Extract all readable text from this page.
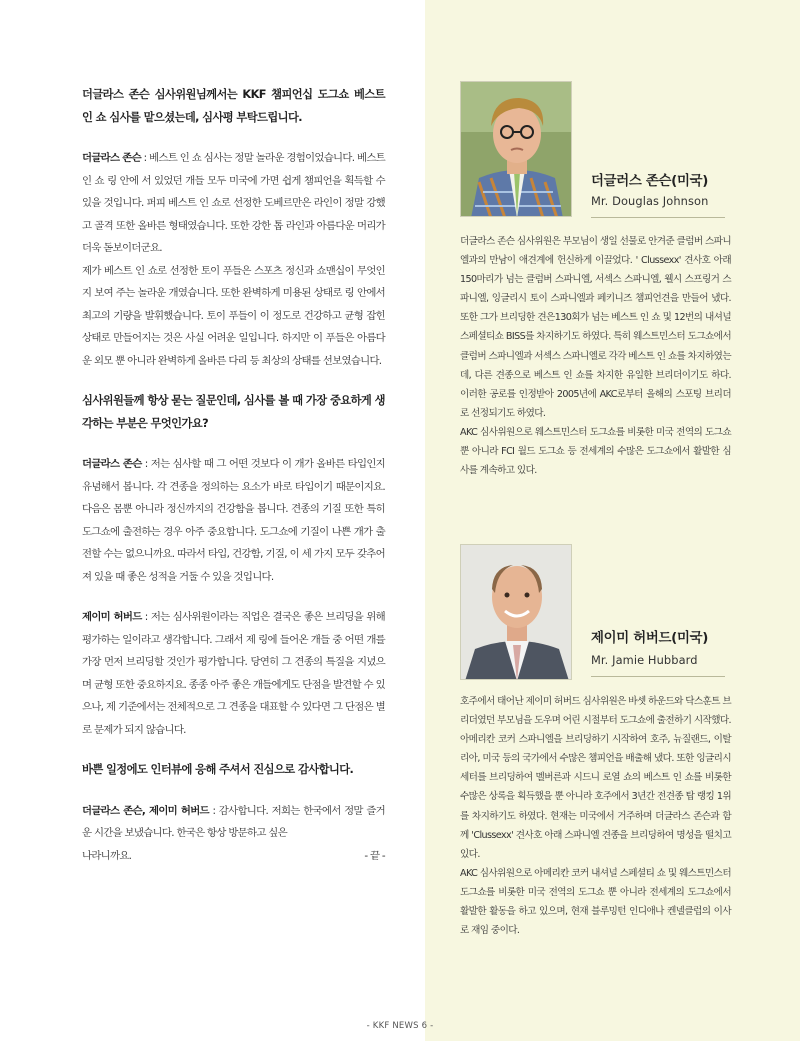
더글라스 존슨 심사위원님께서는 KKF 챔피언십 도그쇼 베스트 인 쇼 심사를 맡으셨는데, 심사평 부탁드립니다.

더글라스 존슨 : 베스트 인 쇼 심사는 정말 놀라운 경험이었습니다. 베스트 인 쇼 링 안에 서 있었던 개들 모두 미국에 가면 쉽게 챔피언을 획득할 수 있을 것입니다. 퍼피 베스트 인 쇼로 선정한 도베르만은 라인이 정말 강했고 골격 또한 올바른 형태였습니다. 또한 강한 톱 라인과 아름다운 머리가 더욱 돋보이더군요.

제가 베스트 인 쇼로 선정한 토이 푸들은 스포츠 정신과 쇼맨십이 무엇인지 보여 주는 놀라운 개였습니다. 또한 완벽하게 미용된 상태로 링 안에서 최고의 기량을 발휘했습니다. 토이 푸들이 이 정도로 건강하고 균형 잡힌 상태로 만들어지는 것은 사실 어려운 일입니다. 하지만 이 푸들은 아름다운 외모 뿐 아니라 완벽하게 올바른 다리 등 최상의 상태를 선보였습니다.

심사위원들께 항상 묻는 질문인데, 심사를 볼 때 가장 중요하게 생각하는 부분은 무엇인가요?

더글라스 존슨 : 저는 심사할 때 그 어떤 것보다 이 개가 올바른 타입인지 유념해서 봅니다. 각 견종을 정의하는 요소가 바로 타입이기 때문이지요. 다음은 몸뿐 아니라 정신까지의 건강함을 봅니다. 견종의 기질 또한 특히 도그쇼에 출전하는 경우 아주 중요합니다. 도그쇼에 기질이 나쁜 개가 출전할 수는 없으니까요. 따라서 타입, 건강함, 기질, 이 세 가지 모두 갖추어져 있을 때 좋은 성적을 거둘 수 있을 것입니다.

제이미 허버드 : 저는 심사위원이라는 직업은 결국은 좋은 브리딩을 위해 평가하는 일이라고 생각합니다. 그래서 제 링에 들어온 개들 중 어떤 개를 가장 먼저 브리딩할 것인가 평가합니다. 당연히 그 견종의 특질을 지녔으며 균형 또한 중요하지요. 종종 아주 좋은 개들에게도 단점을 발견할 수 있으나, 제 기준에서는 전체적으로 그 견종을 대표할 수 있다면 그 단점은 별로 문제가 되지 않습니다.

바쁜 일정에도 인터뷰에 응해 주셔서 진심으로 감사합니다.

더글라스 존슨, 제이미 허버드 : 감사합니다. 저희는 한국에서 정말 즐거운 시간을 보냈습니다. 한국은 항상 방문하고 싶은

나라니까요.	- 끝 -
더글러스 존슨(미국)
Mr. Douglas Johnson

더글라스 존슨 심사위원은 부모님이 생일 선물로 안겨준 클럼버 스파니엘과의 만남이 애견계에 헌신하게 이끌었다. ' Clussexx' 견사호 아래 150마리가 넘는 클럼버 스파니엘, 서섹스 스파니엘, 웰시 스프링거 스파니엘, 잉글리시 토이 스파니엘과 페키니즈 챔피언견을 만들어 냈다. 또한 그가 브리딩한 견은130회가 넘는 베스트 인 쇼 및 12번의 내셔널 스페셜티쇼 BISS를 차지하기도 하였다. 특히 웨스트민스터 도그쇼에서 클럼버 스파니엘과 서섹스 스파니엘로 각각 베스트 인 쇼를 차지하였는데, 다른 견종으로 베스트 인 쇼를 차지한 유일한 브리더이기도 하다. 이러한 공로를 인정받아 2005년에 AKC로부터 올해의 스포팅 브리더로 선정되기도 하였다.

AKC 심사위원으로 웨스트민스터 도그쇼를 비롯한 미국 전역의 도그쇼 뿐 아니라 FCI 월드 도그쇼 등 전세계의 수많은 도그쇼에서 활발한 심사를 계속하고 있다.

제이미 허버드(미국)
Mr. Jamie Hubbard

호주에서 태어난 제이미 허버드 심사위원은 바셋 하운드와 닥스훈트 브리더였던 부모님을 도우며 어린 시절부터 도그쇼에 출전하기 시작했다. 아메리칸 코커 스파니엘을 브리딩하기 시작하여 호주, 뉴질랜드, 이탈리아, 미국 등의 국가에서 수많은 챔피언을 배출해 냈다. 또한 잉글리시 세터를 브리딩하여 멜버른과 시드니 로열 쇼의 베스트 인 쇼를 비롯한 수많은 상록을 획득했을 뿐 아니라 호주에서 3년간 전견종 탑 랭킹 1위를 차지하기도 하였다. 현재는 미국에서 거주하며 더글라스 존슨과 함께 'Clussexx' 견사호 아래 스파니엘 견종을 브리딩하여 명성을 떨치고 있다.

AKC 심사위원으로 아메리칸 코커 내셔널 스페셜티 쇼 및 웨스트민스터 도그쇼를 비롯한 미국 전역의 도그쇼 뿐 아니라 전세계의 도그쇼에서 활발한 활동을 하고 있으며, 현재 블루밍턴 인디애나 켄넬클럽의 이사로 재임 중이다.

- KKF NEWS 6 -
